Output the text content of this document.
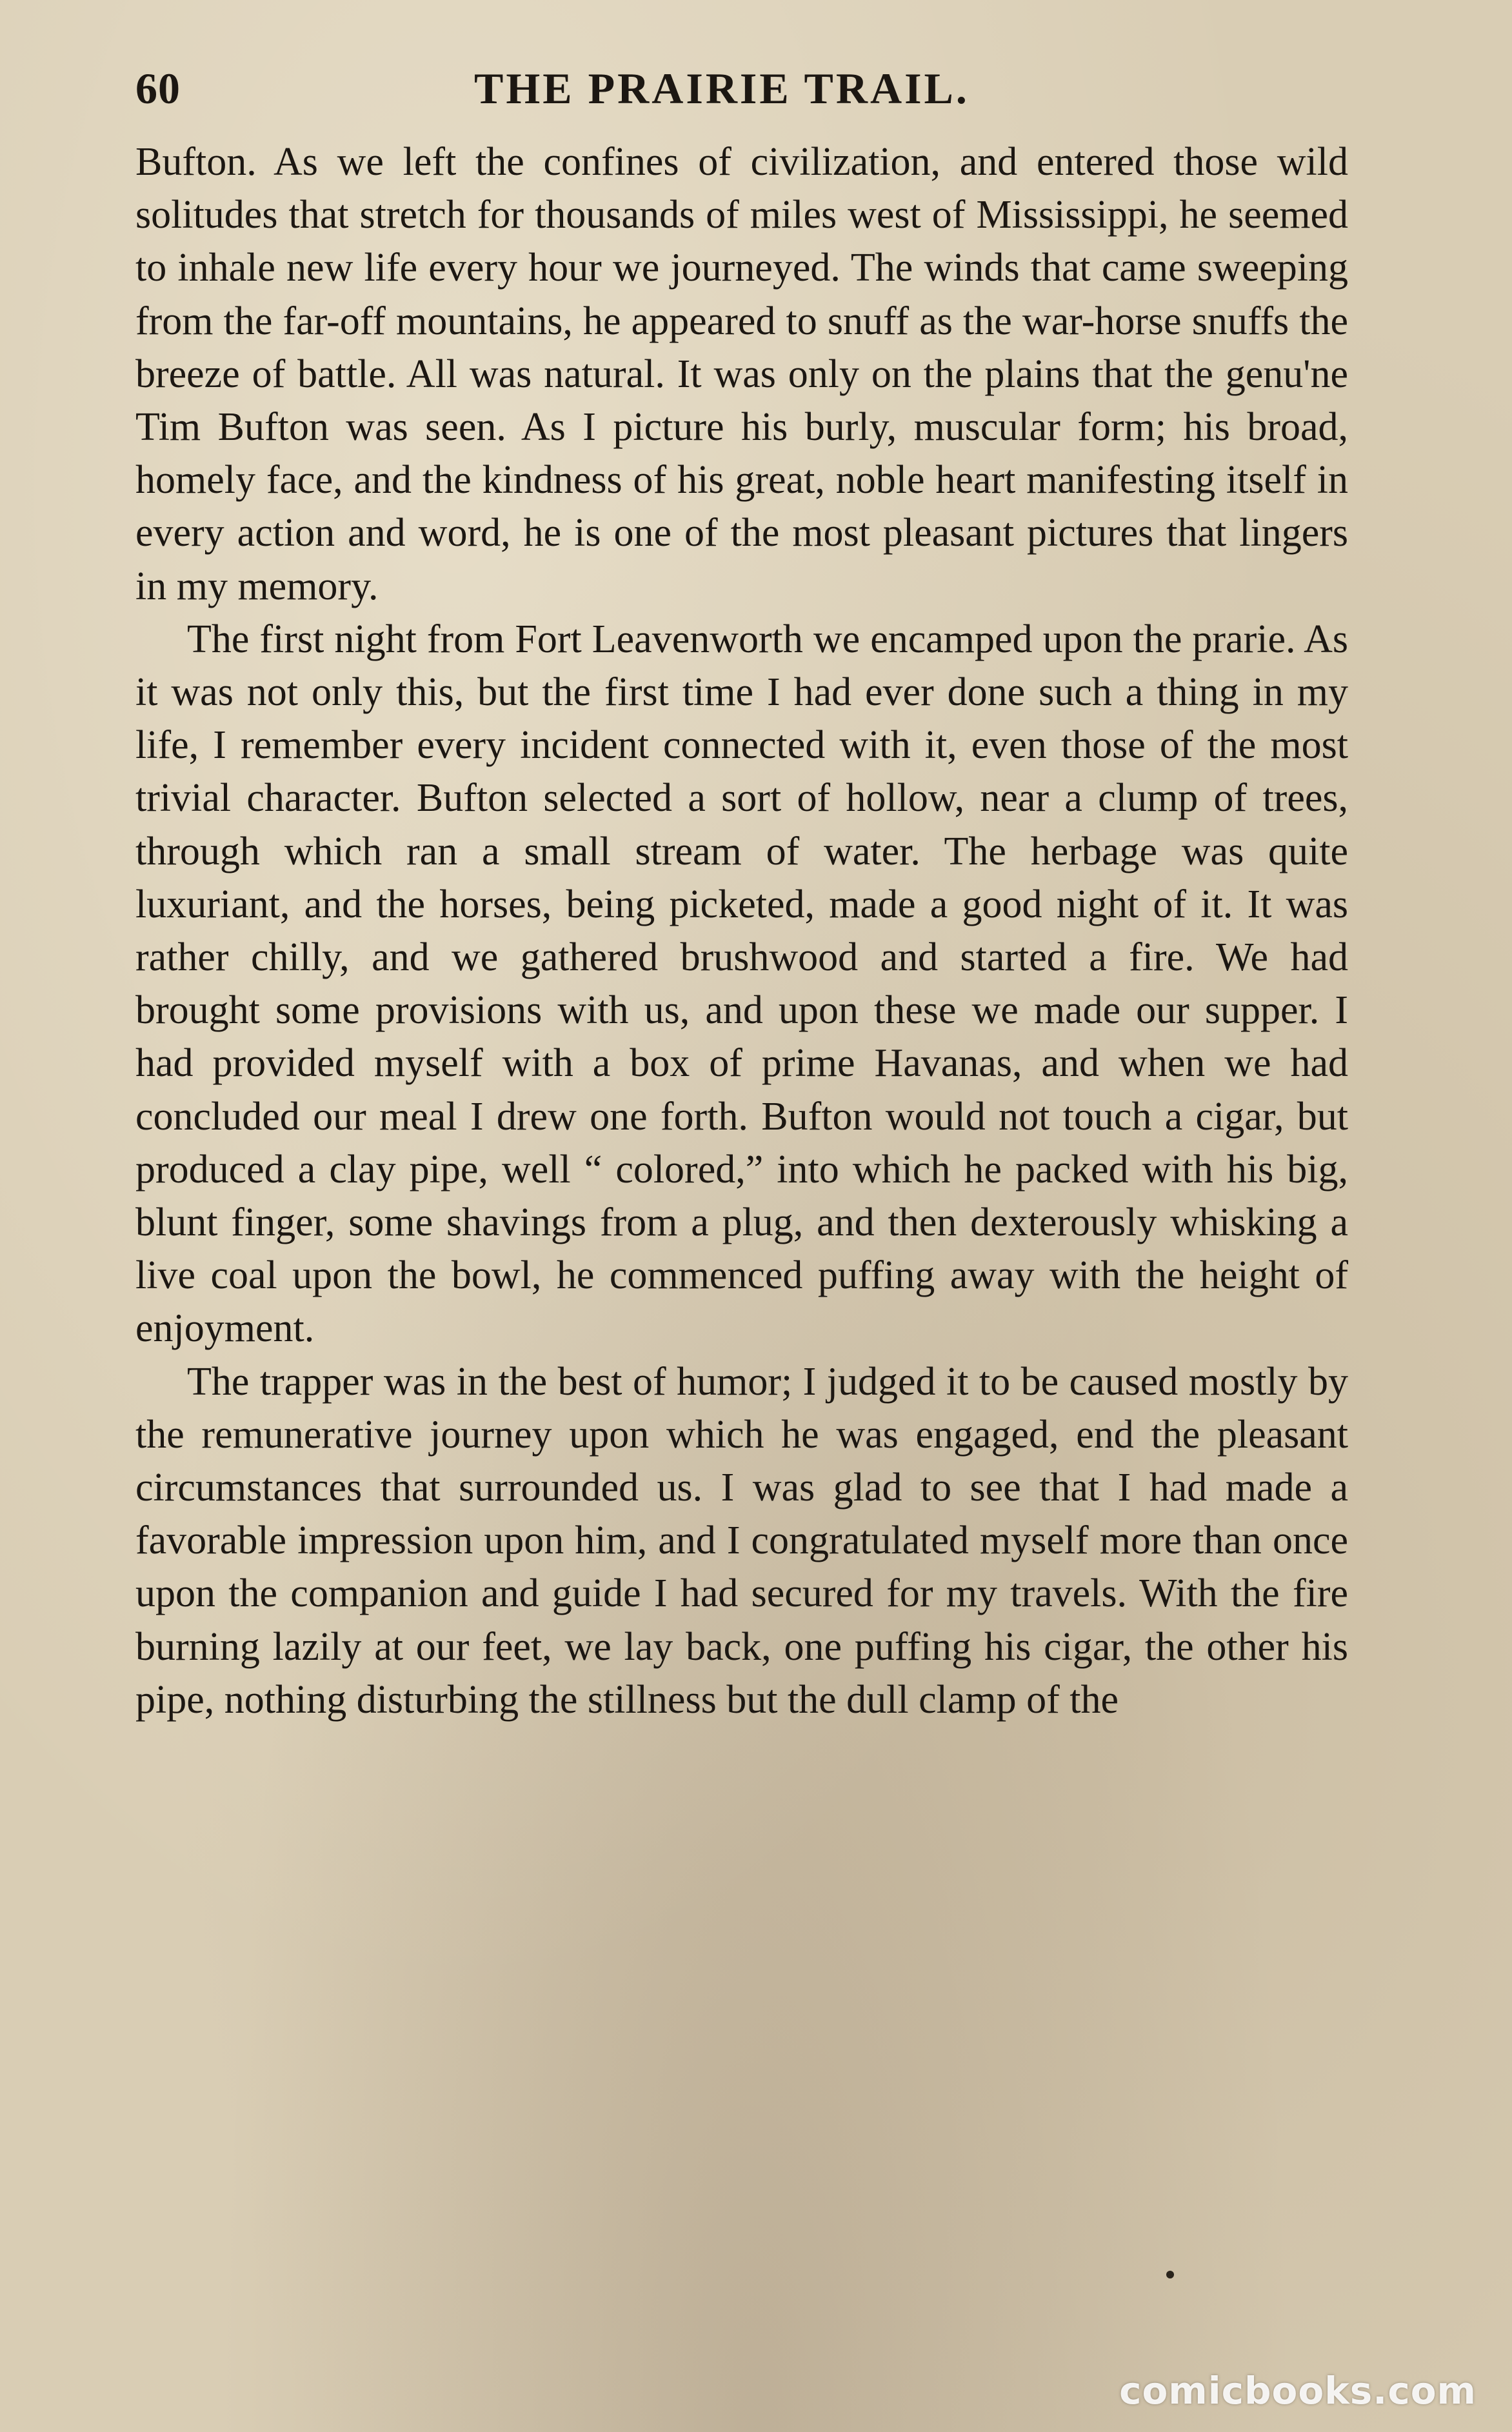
60	THE PRAIRIE TRAIL.

Bufton. As we left the confines of civilization, and entered those wild solitudes that stretch for thousands of miles west of Mississippi, he seemed to inhale new life every hour we journeyed. The winds that came sweeping from the far-off mountains, he appeared to snuff as the war-horse snuffs the breeze of battle. All was natural. It was only on the plains that the genu'ne Tim Bufton was seen. As I picture his burly, muscular form; his broad, homely face, and the kindness of his great, noble heart manifesting itself in every action and word, he is one of the most pleasant pictures that lingers in my memory.

The first night from Fort Leavenworth we encamped upon the prarie. As it was not only this, but the first time I had ever done such a thing in my life, I remember every incident connected with it, even those of the most trivial character. Bufton selected a sort of hollow, near a clump of trees, through which ran a small stream of water. The herbage was quite luxuriant, and the horses, being picketed, made a good night of it. It was rather chilly, and we gathered brushwood and started a fire. We had brought some provisions with us, and upon these we made our supper. I had provided myself with a box of prime Havanas, and when we had concluded our meal I drew one forth. Bufton would not touch a cigar, but produced a clay pipe, well “ colored,” into which he packed with his big, blunt finger, some shavings from a plug, and then dexterously whisking a live coal upon the bowl, he commenced puffing away with the height of enjoyment.

The trapper was in the best of humor; I judged it to be caused mostly by the remunerative journey upon which he was engaged, end the pleasant circumstances that surrounded us. I was glad to see that I had made a favorable impression upon him, and I congratulated myself more than once upon the companion and guide I had secured for my travels. With the fire burning lazily at our feet, we lay back, one puffing his cigar, the other his pipe, nothing disturbing the stillness but the dull clamp of the

comicbooks.com
